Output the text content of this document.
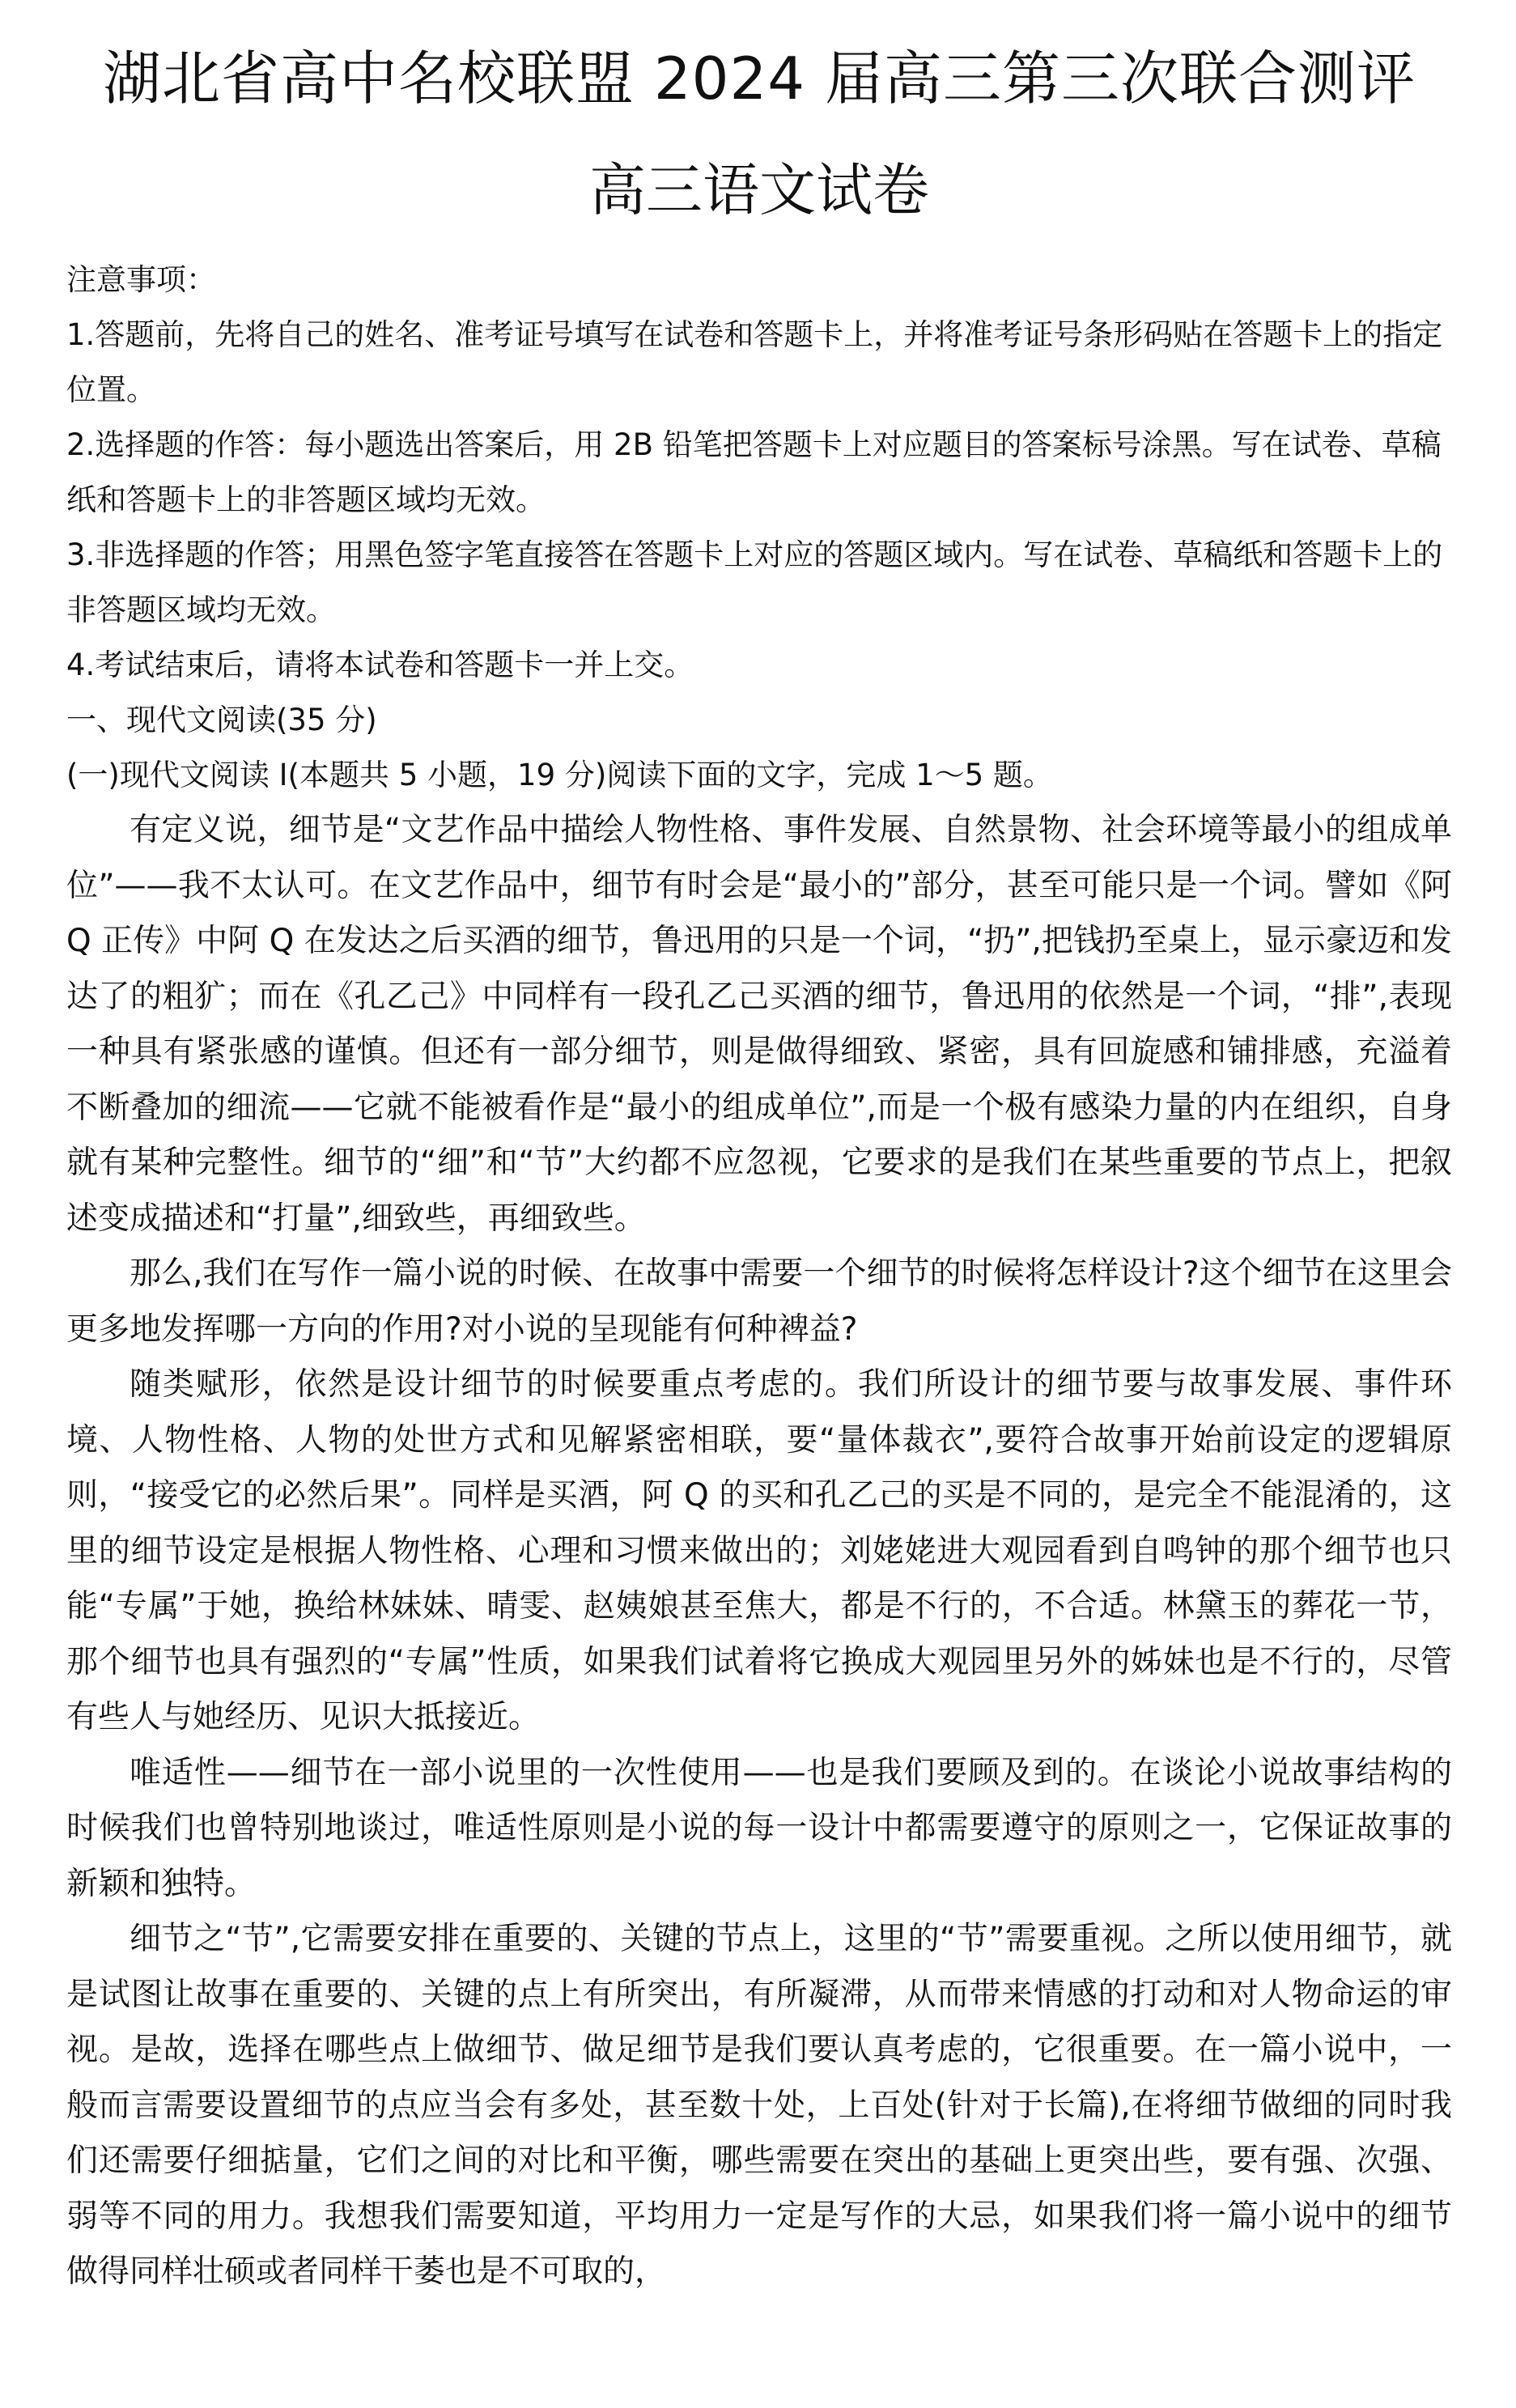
湖北省高中名校联盟 2024 届高三第三次联合测评
高三语文试卷

注意事项：

1.答题前，先将自己的姓名、准考证号填写在试卷和答题卡上，并将准考证号条形码贴在答题卡上的指定位置。

2.选择题的作答：每小题选出答案后，用 2B 铅笔把答题卡上对应题目的答案标号涂黑。写在试卷、草稿纸和答题卡上的非答题区域均无效。

3.非选择题的作答；用黑色签字笔直接答在答题卡上对应的答题区域内。写在试卷、草稿纸和答题卡上的非答题区域均无效。

4.考试结束后，请将本试卷和答题卡一并上交。

一、现代文阅读(35 分)

(一)现代文阅读 I(本题共 5 小题，19 分)阅读下面的文字，完成 1～5 题。

有定义说，细节是“文艺作品中描绘人物性格、事件发展、自然景物、社会环境等最小的组成单位”——我不太认可。在文艺作品中，细节有时会是“最小的”部分，甚至可能只是一个词。譬如《阿 Q 正传》中阿 Q 在发达之后买酒的细节，鲁迅用的只是一个词，“扔”,把钱扔至桌上，显示豪迈和发达了的粗犷；而在《孔乙己》中同样有一段孔乙己买酒的细节，鲁迅用的依然是一个词，“排”,表现一种具有紧张感的谨慎。但还有一部分细节，则是做得细致、紧密，具有回旋感和铺排感，充溢着不断叠加的细流——它就不能被看作是“最小的组成单位”,而是一个极有感染力量的内在组织，自身就有某种完整性。细节的“细”和“节”大约都不应忽视，它要求的是我们在某些重要的节点上，把叙述变成描述和“打量”,细致些，再细致些。

那么,我们在写作一篇小说的时候、在故事中需要一个细节的时候将怎样设计?这个细节在这里会更多地发挥哪一方向的作用?对小说的呈现能有何种裨益?

随类赋形，依然是设计细节的时候要重点考虑的。我们所设计的细节要与故事发展、事件环境、人物性格、人物的处世方式和见解紧密相联，要“量体裁衣”,要符合故事开始前设定的逻辑原则，“接受它的必然后果”。同样是买酒，阿 Q 的买和孔乙己的买是不同的，是完全不能混淆的，这里的细节设定是根据人物性格、心理和习惯来做出的；刘姥姥进大观园看到自鸣钟的那个细节也只能“专属”于她，换给林妹妹、晴雯、赵姨娘甚至焦大，都是不行的，不合适。林黛玉的葬花一节，那个细节也具有强烈的“专属”性质，如果我们试着将它换成大观园里另外的姊妹也是不行的，尽管有些人与她经历、见识大抵接近。

唯适性——细节在一部小说里的一次性使用——也是我们要顾及到的。在谈论小说故事结构的时候我们也曾特别地谈过，唯适性原则是小说的每一设计中都需要遵守的原则之一，它保证故事的新颖和独特。

细节之“节”,它需要安排在重要的、关键的节点上，这里的“节”需要重视。之所以使用细节，就是试图让故事在重要的、关键的点上有所突出，有所凝滞，从而带来情感的打动和对人物命运的审视。是故，选择在哪些点上做细节、做足细节是我们要认真考虑的，它很重要。在一篇小说中，一般而言需要设置细节的点应当会有多处，甚至数十处，上百处(针对于长篇),在将细节做细的同时我们还需要仔细掂量，它们之间的对比和平衡，哪些需要在突出的基础上更突出些，要有强、次强、弱等不同的用力。我想我们需要知道，平均用力一定是写作的大忌，如果我们将一篇小说中的细节做得同样壮硕或者同样干萎也是不可取的，
